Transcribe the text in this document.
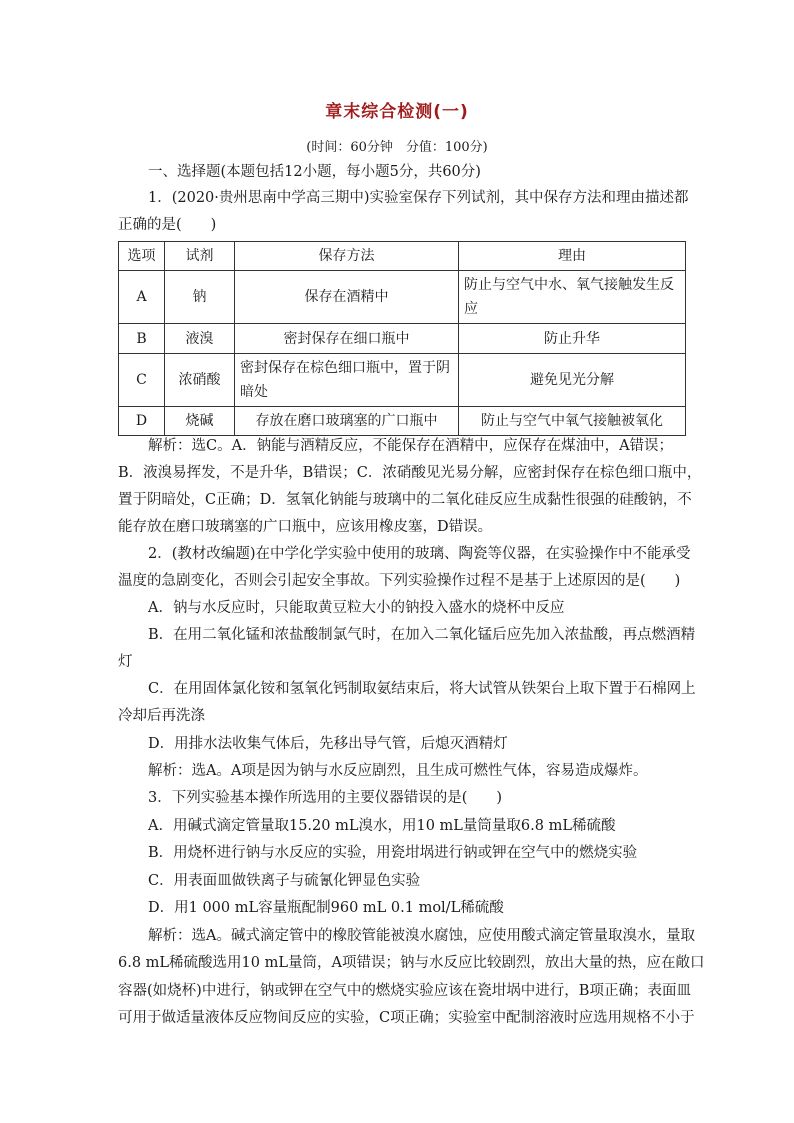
章末综合检测(一)
(时间：60分钟　分值：100分)
一、选择题(本题包括12小题，每小题5分，共60分)
1．(2020·贵州思南中学高三期中)实验室保存下列试剂，其中保存方法和理由描述都
正确的是(　　)
选项	试剂	保存方法	理由
A	钠	保存在酒精中	防止与空气中水、氧气接触发生反应
B	液溴	密封保存在细口瓶中	防止升华
C	浓硝酸	密封保存在棕色细口瓶中，置于阴暗处	避免见光分解
D	烧碱	存放在磨口玻璃塞的广口瓶中	防止与空气中氧气接触被氧化
解析：选C。A．钠能与酒精反应，不能保存在酒精中，应保存在煤油中，A错误；
B．液溴易挥发，不是升华，B错误；C．浓硝酸见光易分解，应密封保存在棕色细口瓶中，
置于阴暗处，C正确；D．氢氧化钠能与玻璃中的二氧化硅反应生成黏性很强的硅酸钠，不
能存放在磨口玻璃塞的广口瓶中，应该用橡皮塞，D错误。
2．(教材改编题)在中学化学实验中使用的玻璃、陶瓷等仪器，在实验操作中不能承受
温度的急剧变化，否则会引起安全事故。下列实验操作过程不是基于上述原因的是(　　)
A．钠与水反应时，只能取黄豆粒大小的钠投入盛水的烧杯中反应
B．在用二氧化锰和浓盐酸制氯气时，在加入二氧化锰后应先加入浓盐酸，再点燃酒精
灯
C．在用固体氯化铵和氢氧化钙制取氨结束后，将大试管从铁架台上取下置于石棉网上
冷却后再洗涤
D．用排水法收集气体后，先移出导气管，后熄灭酒精灯
解析：选A。A项是因为钠与水反应剧烈，且生成可燃性气体，容易造成爆炸。
3．下列实验基本操作所选用的主要仪器错误的是(　　)
A．用碱式滴定管量取15.20 mL溴水，用10 mL量筒量取6.8 mL稀硫酸
B．用烧杯进行钠与水反应的实验，用瓷坩埚进行钠或钾在空气中的燃烧实验
C．用表面皿做铁离子与硫氰化钾显色实验
D．用1 000 mL容量瓶配制960 mL 0.1 mol/L稀硫酸
解析：选A。碱式滴定管中的橡胶管能被溴水腐蚀，应使用酸式滴定管量取溴水，量取
6.8 mL稀硫酸选用10 mL量筒，A项错误；钠与水反应比较剧烈，放出大量的热，应在敞口
容器(如烧杯)中进行，钠或钾在空气中的燃烧实验应该在瓷坩埚中进行，B项正确；表面皿
可用于做适量液体反应物间反应的实验，C项正确；实验室中配制溶液时应选用规格不小于
